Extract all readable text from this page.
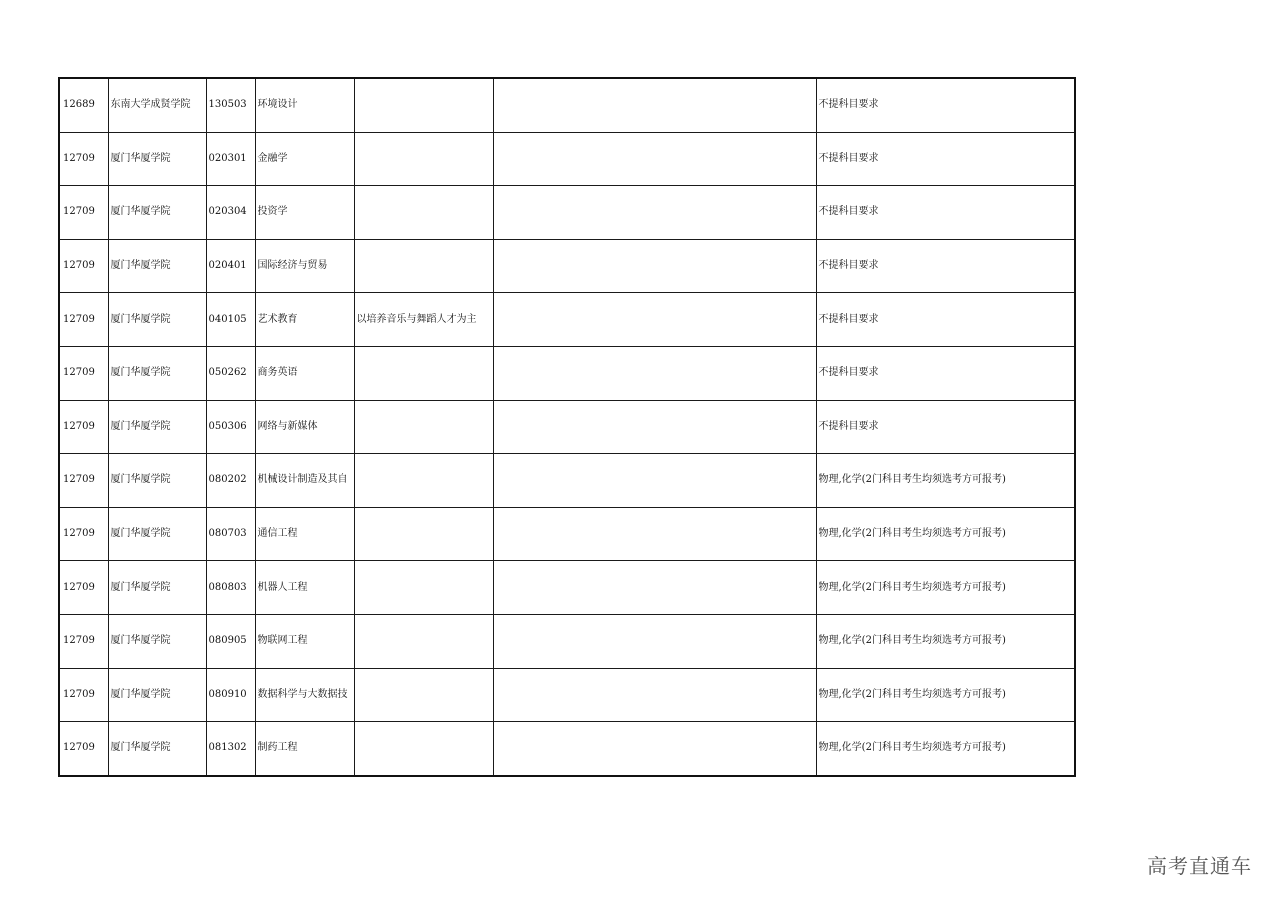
12689	东南大学成贤学院	130503	环境设计			不提科目要求
12709	厦门华厦学院	020301	金融学			不提科目要求
12709	厦门华厦学院	020304	投资学			不提科目要求
12709	厦门华厦学院	020401	国际经济与贸易			不提科目要求
12709	厦门华厦学院	040105	艺术教育	以培养音乐与舞蹈人才为主		不提科目要求
12709	厦门华厦学院	050262	商务英语			不提科目要求
12709	厦门华厦学院	050306	网络与新媒体			不提科目要求
12709	厦门华厦学院	080202	机械设计制造及其自			物理,化学(2门科目考生均须选考方可报考)
12709	厦门华厦学院	080703	通信工程			物理,化学(2门科目考生均须选考方可报考)
12709	厦门华厦学院	080803	机器人工程			物理,化学(2门科目考生均须选考方可报考)
12709	厦门华厦学院	080905	物联网工程			物理,化学(2门科目考生均须选考方可报考)
12709	厦门华厦学院	080910	数据科学与大数据技			物理,化学(2门科目考生均须选考方可报考)
12709	厦门华厦学院	081302	制药工程			物理,化学(2门科目考生均须选考方可报考)
高考直通车
